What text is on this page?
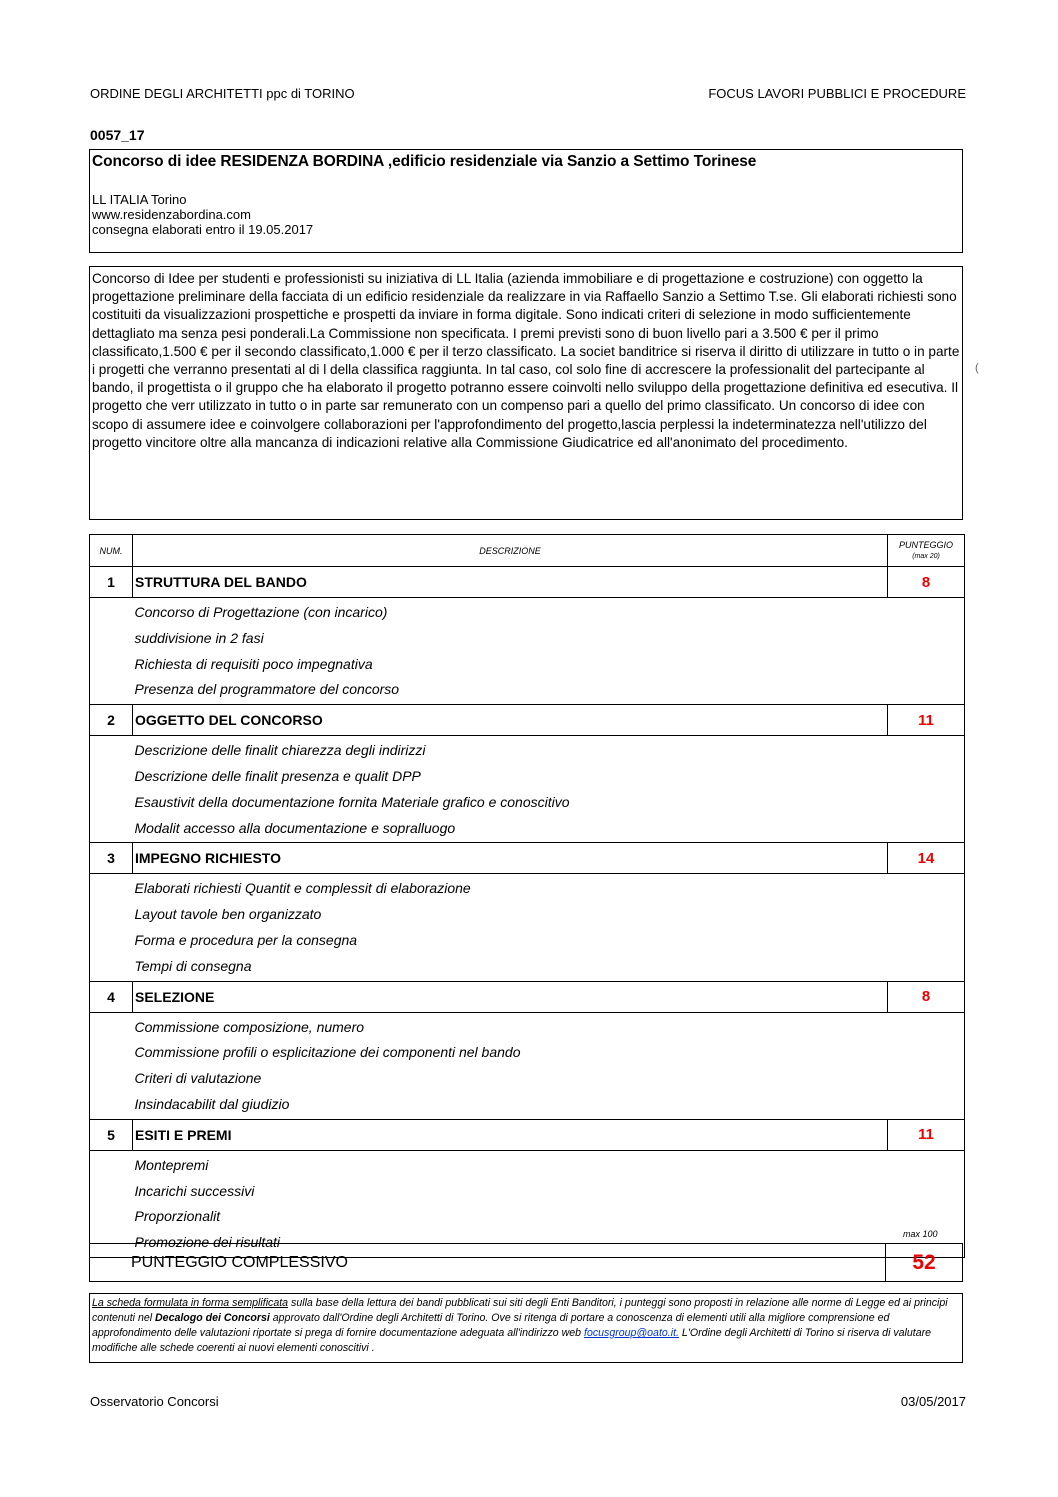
ORDINE DEGLI ARCHITETTI ppc di TORINO	FOCUS LAVORI PUBBLICI E PROCEDURE
0057_17
Concorso di idee RESIDENZA BORDINA ,edificio residenziale via Sanzio a Settimo Torinese
LL ITALIA Torino
www.residenzabordina.com
consegna elaborati entro il 19.05.2017

Concorso di Idee per studenti e professionisti su iniziativa di LL Italia (azienda immobiliare e di progettazione e costruzione) con oggetto la progettazione preliminare della facciata di un edificio residenziale da realizzare in via Raffaello Sanzio a Settimo T.se. Gli elaborati richiesti sono costituiti da visualizzazioni prospettiche e prospetti da inviare in forma digitale. Sono indicati criteri di selezione in modo sufficientemente dettagliato ma senza pesi ponderali.La Commissione non specificata. I premi previsti sono di buon livello pari a 3.500 € per il primo classificato,1.500 € per il secondo classificato,1.000 € per il terzo classificato. La societ banditrice si riserva il diritto di utilizzare in tutto o in parte i progetti che verranno presentati al di l della classifica raggiunta. In tal caso, col solo fine di accrescere la professionalit del partecipante al bando, il progettista o il gruppo che ha elaborato il progetto potranno essere coinvolti nello sviluppo della progettazione definitiva ed esecutiva. Il progetto che verr utilizzato in tutto o in parte sar remunerato con un compenso pari a quello del primo classificato. Un concorso di idee con scopo di assumere idee e coinvolgere collaborazioni per l'approfondimento del progetto,lascia perplessi la indeterminatezza nell'utilizzo del progetto vincitore oltre alla mancanza di indicazioni relative alla Commissione Giudicatrice ed all'anonimato del procedimento.

(
NUM.	DESCRIZIONE	PUNTEGGIO
(max 20)

1	STRUTTURA DEL BANDO	8

	Concorso di Progettazione (con incarico)
suddivisione in 2 fasi
Richiesta di requisiti poco impegnativa
Presenza del programmatore del concorso	

2	OGGETTO DEL CONCORSO	11

	Descrizione delle finalit chiarezza degli indirizzi
Descrizione delle finalit presenza e qualit DPP
Esaustivit della documentazione fornita Materiale grafico e conoscitivo
Modalit accesso alla documentazione e sopralluogo	

3	IMPEGNO RICHIESTO	14

	Elaborati richiesti Quantit e complessit di elaborazione
Layout tavole ben organizzato
Forma e procedura per la consegna
Tempi di consegna	

4	SELEZIONE	8

	Commissione composizione, numero
Commissione profili o esplicitazione dei componenti nel bando
Criteri di valutazione
Insindacabilit dal giudizio	

5	ESITI E PREMI	11

	Montepremi
Incarichi successivi
Proporzionalit
Promozione dei risultati	
max 100
PUNTEGGIO COMPLESSIVO	52

La scheda formulata in forma semplificata sulla base della lettura dei bandi pubblicati sui siti degli Enti Banditori, i punteggi sono proposti in relazione alle norme di Legge ed ai principi contenuti nel Decalogo dei Concorsi approvato dall'Ordine degli Architetti di Torino. Ove si ritenga di portare a conoscenza di elementi utili alla migliore comprensione ed approfondimento delle valutazioni riportate si prega di fornire documentazione adeguata all'indirizzo web focusgroup@oato.it. L'Ordine degli Architetti di Torino si riserva di valutare modifiche alle schede coerenti ai nuovi elementi conoscitivi .

Osservatorio Concorsi	03/05/2017
